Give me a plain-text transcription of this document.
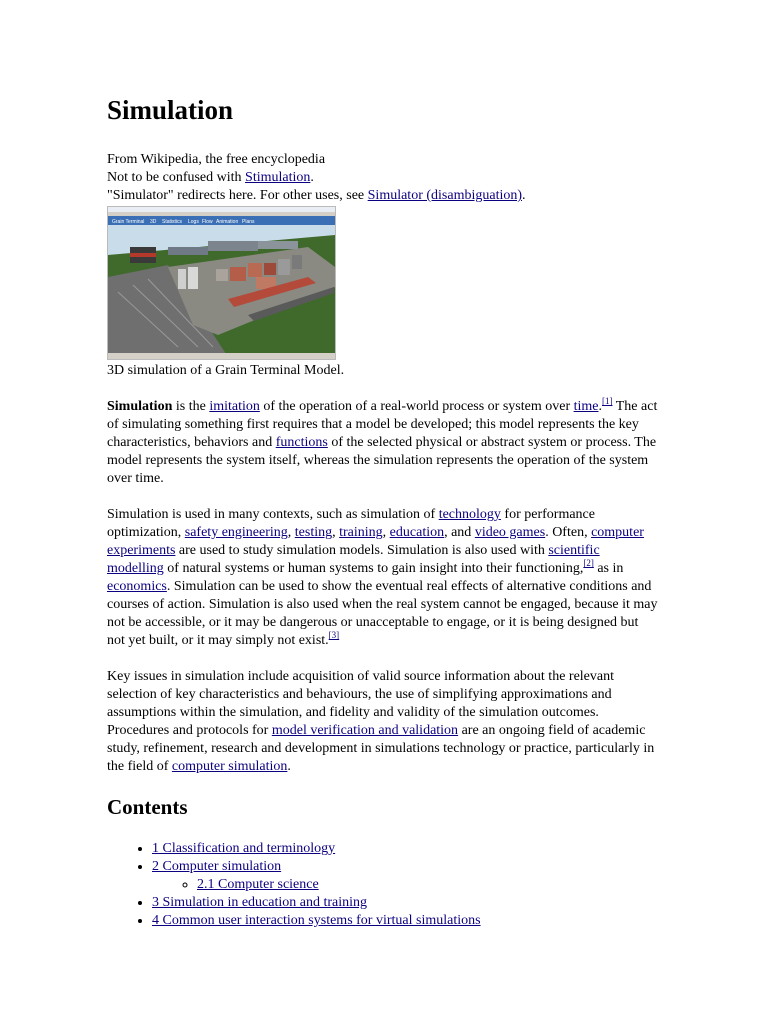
Simulation

From Wikipedia, the free encyclopedia

Not to be confused with Stimulation.

"Simulator" redirects here. For other uses, see Simulator (disambiguation).

Grain Terminal 3D Statistics Logs Flow Animation Plans

3D simulation of a Grain Terminal Model.

Simulation is the imitation of the operation of a real-world process or system over time.[1] The act of simulating something first requires that a model be developed; this model represents the key characteristics, behaviors and functions of the selected physical or abstract system or process. The model represents the system itself, whereas the simulation represents the operation of the system over time.

Simulation is used in many contexts, such as simulation of technology for performance optimization, safety engineering, testing, training, education, and video games. Often, computer experiments are used to study simulation models. Simulation is also used with scientific modelling of natural systems or human systems to gain insight into their functioning,[2] as in economics. Simulation can be used to show the eventual real effects of alternative conditions and courses of action. Simulation is also used when the real system cannot be engaged, because it may not be accessible, or it may be dangerous or unacceptable to engage, or it is being designed but not yet built, or it may simply not exist.[3]

Key issues in simulation include acquisition of valid source information about the relevant selection of key characteristics and behaviours, the use of simplifying approximations and assumptions within the simulation, and fidelity and validity of the simulation outcomes. Procedures and protocols for model verification and validation are an ongoing field of academic study, refinement, research and development in simulations technology or practice, particularly in the field of computer simulation.

Contents
• 1 Classification and terminology
• 2 Computer simulation
◦ 2.1 Computer science
• 3 Simulation in education and training
• 4 Common user interaction systems for virtual simulations
